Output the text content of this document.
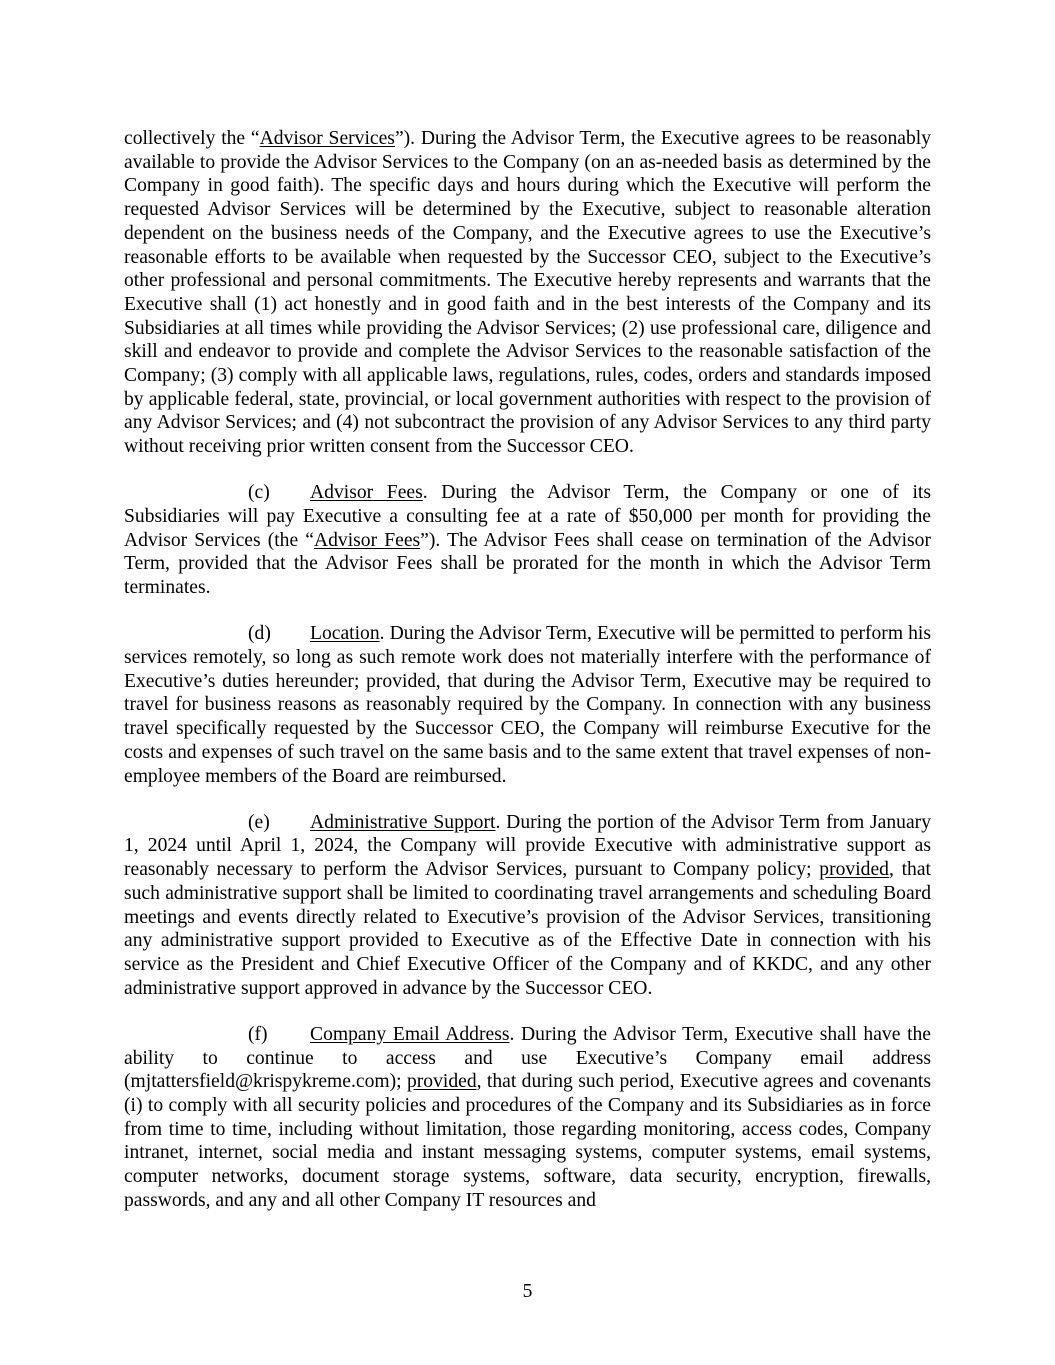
collectively the “Advisor Services”). During the Advisor Term, the Executive agrees to be reasonably available to provide the Advisor Services to the Company (on an as-needed basis as determined by the Company in good faith). The specific days and hours during which the Executive will perform the requested Advisor Services will be determined by the Executive, subject to reasonable alteration dependent on the business needs of the Company, and the Executive agrees to use the Executive’s reasonable efforts to be available when requested by the Successor CEO, subject to the Executive’s other professional and personal commitments. The Executive hereby represents and warrants that the Executive shall (1) act honestly and in good faith and in the best interests of the Company and its Subsidiaries at all times while providing the Advisor Services; (2) use professional care, diligence and skill and endeavor to provide and complete the Advisor Services to the reasonable satisfaction of the Company; (3) comply with all applicable laws, regulations, rules, codes, orders and standards imposed by applicable federal, state, provincial, or local government authorities with respect to the provision of any Advisor Services; and (4) not subcontract the provision of any Advisor Services to any third party without receiving prior written consent from the Successor CEO.

(c) Advisor Fees. During the Advisor Term, the Company or one of its Subsidiaries will pay Executive a consulting fee at a rate of $50,000 per month for providing the Advisor Services (the “Advisor Fees”). The Advisor Fees shall cease on termination of the Advisor Term, provided that the Advisor Fees shall be prorated for the month in which the Advisor Term terminates.

(d) Location. During the Advisor Term, Executive will be permitted to perform his services remotely, so long as such remote work does not materially interfere with the performance of Executive’s duties hereunder; provided, that during the Advisor Term, Executive may be required to travel for business reasons as reasonably required by the Company. In connection with any business travel specifically requested by the Successor CEO, the Company will reimburse Executive for the costs and expenses of such travel on the same basis and to the same extent that travel expenses of non-employee members of the Board are reimbursed.

(e) Administrative Support. During the portion of the Advisor Term from January 1, 2024 until April 1, 2024, the Company will provide Executive with administrative support as reasonably necessary to perform the Advisor Services, pursuant to Company policy; provided, that such administrative support shall be limited to coordinating travel arrangements and scheduling Board meetings and events directly related to Executive’s provision of the Advisor Services, transitioning any administrative support provided to Executive as of the Effective Date in connection with his service as the President and Chief Executive Officer of the Company and of KKDC, and any other administrative support approved in advance by the Successor CEO.

(f) Company Email Address. During the Advisor Term, Executive shall have the ability to continue to access and use Executive’s Company email address (mjtattersfield@krispykreme.com); provided, that during such period, Executive agrees and covenants (i) to comply with all security policies and procedures of the Company and its Subsidiaries as in force from time to time, including without limitation, those regarding monitoring, access codes, Company intranet, internet, social media and instant messaging systems, computer systems, email systems, computer networks, document storage systems, software, data security, encryption, firewalls, passwords, and any and all other Company IT resources and

5
